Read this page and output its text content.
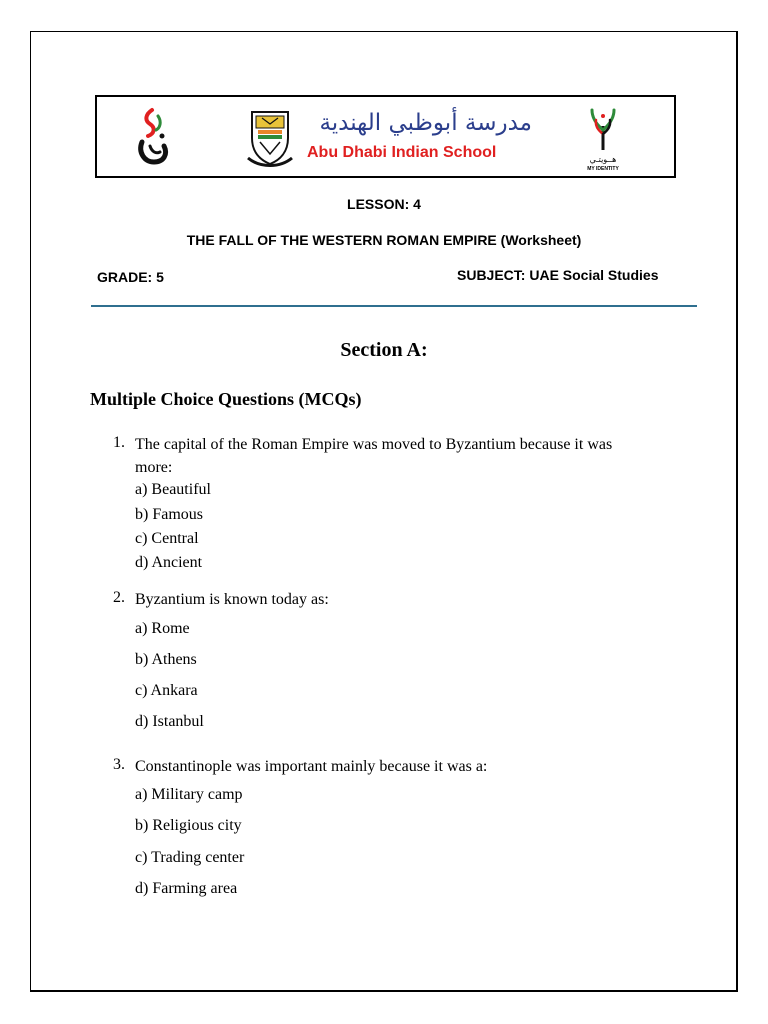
مدرسة أبوظبي الهندية
Abu Dhabi Indian School	هــويتـي
MY IDENTITY
LESSON: 4
THE FALL OF THE WESTERN ROMAN EMPIRE (Worksheet)
GRADE: 5	SUBJECT: UAE Social Studies
Section A:
Multiple Choice Questions (MCQs)
1. The capital of the Roman Empire was moved to Byzantium because it was
more:
a) Beautiful
b) Famous
c) Central
d) Ancient
2. Byzantium is known today as:
a) Rome
b) Athens
c) Ankara
d) Istanbul
3. Constantinople was important mainly because it was a:
a) Military camp
b) Religious city
c) Trading center
d) Farming area
